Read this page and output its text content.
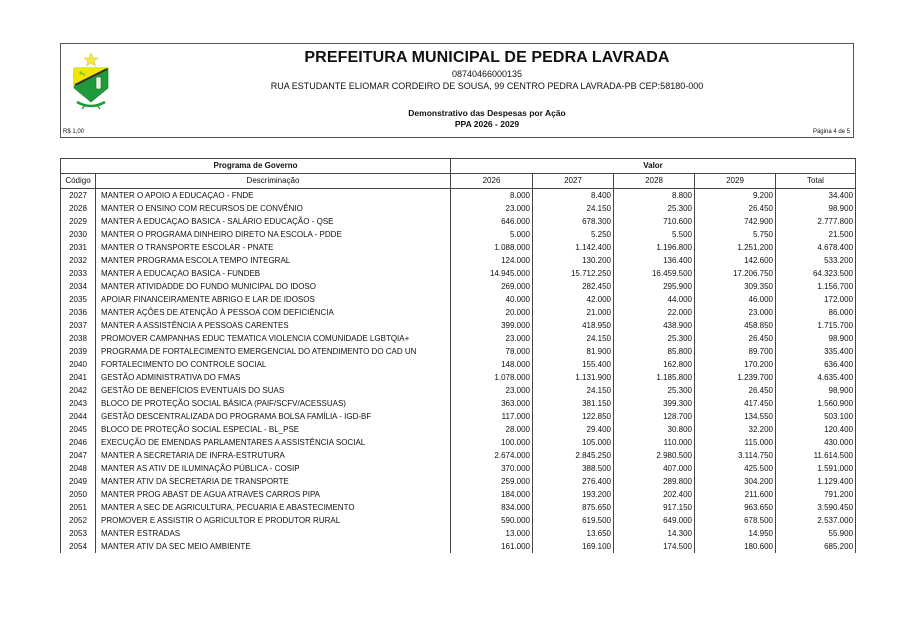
PREFEITURA MUNICIPAL DE PEDRA LAVRADA
08740466000135
RUA ESTUDANTE ELIOMAR CORDEIRO DE SOUSA, 99 CENTRO PEDRA LAVRADA-PB CEP:58180-000
Demonstrativo das Despesas por Ação
PPA 2026 - 2029
R$ 1,00	Página 4 de 5
Programa de Governo		Valor				
Código	Descriminação	2026	2027	2028	2029	Total
2027	MANTER O APOIO A EDUCAÇAO - FNDE	8.000	8.400	8.800	9.200	34.400
2028	MANTER O ENSINO COM RECURSOS DE CONVÊNIO	23.000	24.150	25.300	26.450	98.900
2029	MANTER A EDUCAÇAO BASICA - SALÁRIO EDUCAÇÃO - QSE	646.000	678.300	710.600	742.900	2.777.800
2030	MANTER O PROGRAMA DINHEIRO DIRETO NA ESCOLA - PDDE	5.000	5.250	5.500	5.750	21.500
2031	MANTER O TRANSPORTE ESCOLAR - PNATE	1.088.000	1.142.400	1.196.800	1.251.200	4.678.400
2032	MANTER PROGRAMA ESCOLA TEMPO INTEGRAL	124.000	130.200	136.400	142.600	533.200
2033	MANTER A EDUCAÇAO BASICA - FUNDEB	14.945.000	15.712.250	16.459.500	17.206.750	64.323.500
2034	MANTER ATIVIDADDE DO FUNDO MUNICIPAL DO IDOSO	269.000	282.450	295.900	309.350	1.156.700
2035	APOIAR FINANCEIRAMENTE ABRIGO E LAR DE IDOSOS	40.000	42.000	44.000	46.000	172.000
2036	MANTER AÇÕES DE ATENÇÃO À PESSOA COM DEFICIÊNCIA	20.000	21.000	22.000	23.000	86.000
2037	MANTER A ASSISTÊNCIA A PESSOAS CARENTES	399.000	418.950	438.900	458.850	1.715.700
2038	PROMOVER CAMPANHAS EDUC TEMATICA VIOLENCIA COMUNIDADE LGBTQIA+	23.000	24.150	25.300	26.450	98.900
2039	PROGRAMA DE FORTALECIMENTO EMERGENCIAL DO ATENDIMENTO DO CAD UN	78.000	81.900	85.800	89.700	335.400
2040	FORTALECIMENTO DO CONTROLE SOCIAL	148.000	155.400	162.800	170.200	636.400
2041	GESTÃO ADMINISTRATIVA DO FMAS	1.078.000	1.131.900	1.185.800	1.239.700	4.635.400
2042	GESTÃO DE BENEFÍCIOS EVENTUAIS DO SUAS	23.000	24.150	25.300	26.450	98.900
2043	BLOCO DE PROTEÇÃO SOCIAL BÁSICA (PAIF/SCFV/ACESSUAS)	363.000	381.150	399.300	417.450	1.560.900
2044	GESTÃO DESCENTRALIZADA DO PROGRAMA BOLSA FAMÍLIA - IGD-BF	117.000	122.850	128.700	134.550	503.100
2045	BLOCO DE PROTEÇÃO SOCIAL ESPECIAL - BL_PSE	28.000	29.400	30.800	32.200	120.400
2046	EXECUÇÃO DE EMENDAS PARLAMENTARES A ASSISTÊNCIA SOCIAL	100.000	105.000	110.000	115.000	430.000
2047	MANTER A SECRETARIA DE INFRA-ESTRUTURA	2.674.000	2.845.250	2.980.500	3.114.750	11.614.500
2048	MANTER AS ATIV DE ILUMINAÇÃO PÚBLICA - COSIP	370.000	388.500	407.000	425.500	1.591.000
2049	MANTER ATIV DA SECRETARIA DE TRANSPORTE	259.000	276.400	289.800	304.200	1.129.400
2050	MANTER PROG ABAST DE AGUA ATRAVES CARROS PIPA	184.000	193.200	202.400	211.600	791.200
2051	MANTER A SEC DE AGRICULTURA, PECUARIA E ABASTECIMENTO	834.000	875.650	917.150	963.650	3.590.450
2052	PROMOVER E ASSISTIR O AGRICULTOR E PRODUTOR RURAL	590.000	619.500	649.000	678.500	2.537.000
2053	MANTER ESTRADAS	13.000	13.650	14.300	14.950	55.900
2054	MANTER ATIV DA SEC MEIO AMBIENTE	161.000	169.100	174.500	180.600	685.200
